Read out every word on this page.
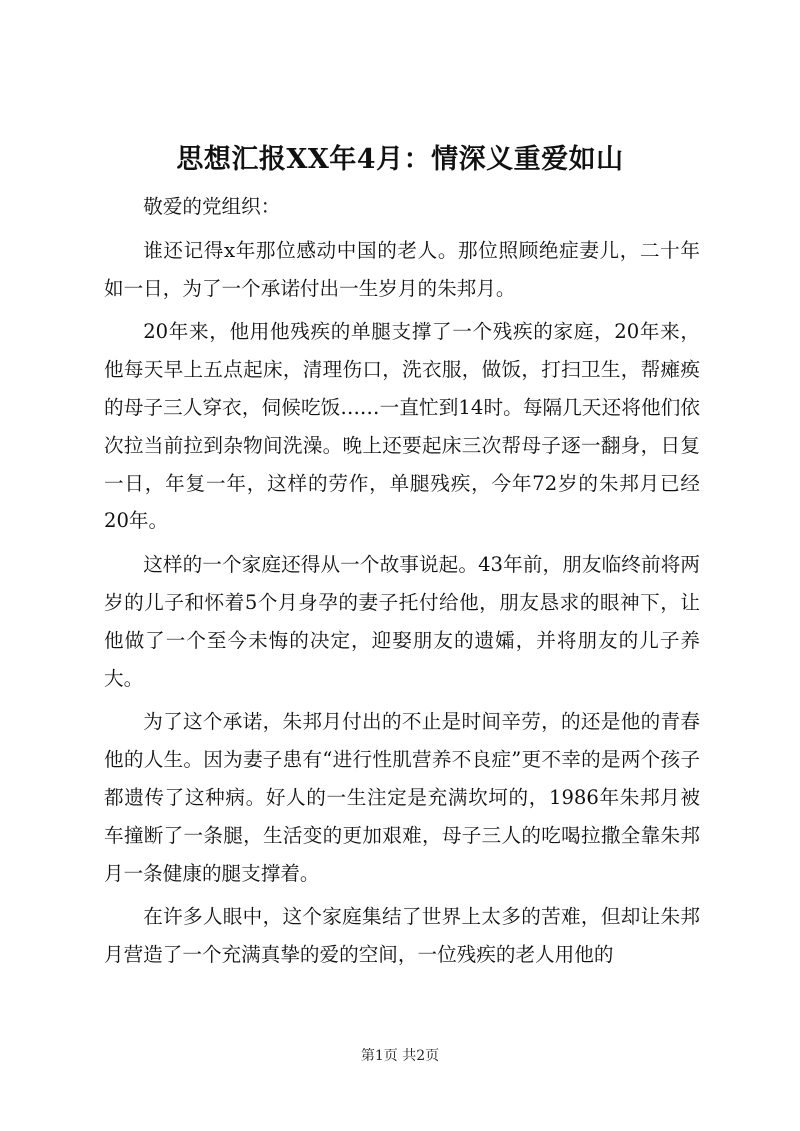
思想汇报XX年4月：情深义重爱如山

敬爱的党组织：

谁还记得x年那位感动中国的老人。那位照顾绝症妻儿，二十年如一日，为了一个承诺付出一生岁月的朱邦月。

20年来，他用他残疾的单腿支撑了一个残疾的家庭，20年来，他每天早上五点起床，清理伤口，洗衣服，做饭，打扫卫生，帮瘫痪的母子三人穿衣，伺候吃饭……一直忙到14时。每隔几天还将他们依次拉当前拉到杂物间洗澡。晚上还要起床三次帮母子逐一翻身，日复一日，年复一年，这样的劳作，单腿残疾，今年72岁的朱邦月已经20年。

这样的一个家庭还得从一个故事说起。43年前，朋友临终前将两岁的儿子和怀着5个月身孕的妻子托付给他，朋友恳求的眼神下，让他做了一个至今未悔的决定，迎娶朋友的遗孀，并将朋友的儿子养大。

为了这个承诺，朱邦月付出的不止是时间辛劳，的还是他的青春他的人生。因为妻子患有“进行性肌营养不良症”更不幸的是两个孩子都遗传了这种病。好人的一生注定是充满坎坷的，1986年朱邦月被车撞断了一条腿，生活变的更加艰难，母子三人的吃喝拉撒全靠朱邦月一条健康的腿支撑着。

在许多人眼中，这个家庭集结了世界上太多的苦难，但却让朱邦月营造了一个充满真挚的爱的空间，一位残疾的老人用他的

第1页 共2页
